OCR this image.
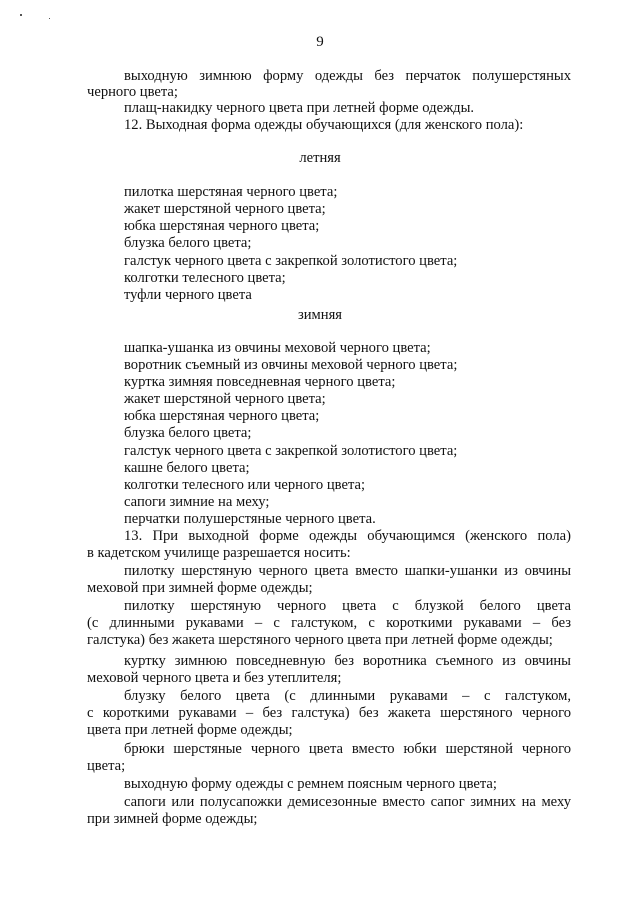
9
выходную зимнюю форму одежды без перчаток полушерстяных
черного цвета;
плащ-накидку черного цвета при летней форме одежды.
12. Выходная форма одежды обучающихся (для женского пола):
летняя
пилотка шерстяная черного цвета;
жакет шерстяной черного цвета;
юбка шерстяная черного цвета;
блузка белого цвета;
галстук черного цвета с закрепкой золотистого цвета;
колготки телесного цвета;
туфли черного цвета
зимняя
шапка-ушанка из овчины меховой черного цвета;
воротник съемный из овчины меховой черного цвета;
куртка зимняя повседневная черного цвета;
жакет шерстяной черного цвета;
юбка шерстяная черного цвета;
блузка белого цвета;
галстук черного цвета с закрепкой золотистого цвета;
кашне белого цвета;
колготки телесного или черного цвета;
сапоги зимние на меху;
перчатки полушерстяные черного цвета.
13. При выходной форме одежды обучающимся (женского пола)
в кадетском училище разрешается носить:
пилотку шерстяную черного цвета вместо шапки-ушанки из овчины
меховой при зимней форме одежды;
пилотку шерстяную черного цвета с блузкой белого цвета
(с длинными рукавами – с галстуком, с короткими рукавами – без
галстука) без жакета шерстяного черного цвета при летней форме одежды;
куртку зимнюю повседневную без воротника съемного из овчины
меховой черного цвета и без утеплителя;
блузку белого цвета (с длинными рукавами – с галстуком,
с короткими рукавами – без галстука) без жакета шерстяного черного
цвета при летней форме одежды;
брюки шерстяные черного цвета вместо юбки шерстяной черного
цвета;
выходную форму одежды с ремнем поясным черного цвета;
сапоги или полусапожки демисезонные вместо сапог зимних на меху
при зимней форме одежды;
